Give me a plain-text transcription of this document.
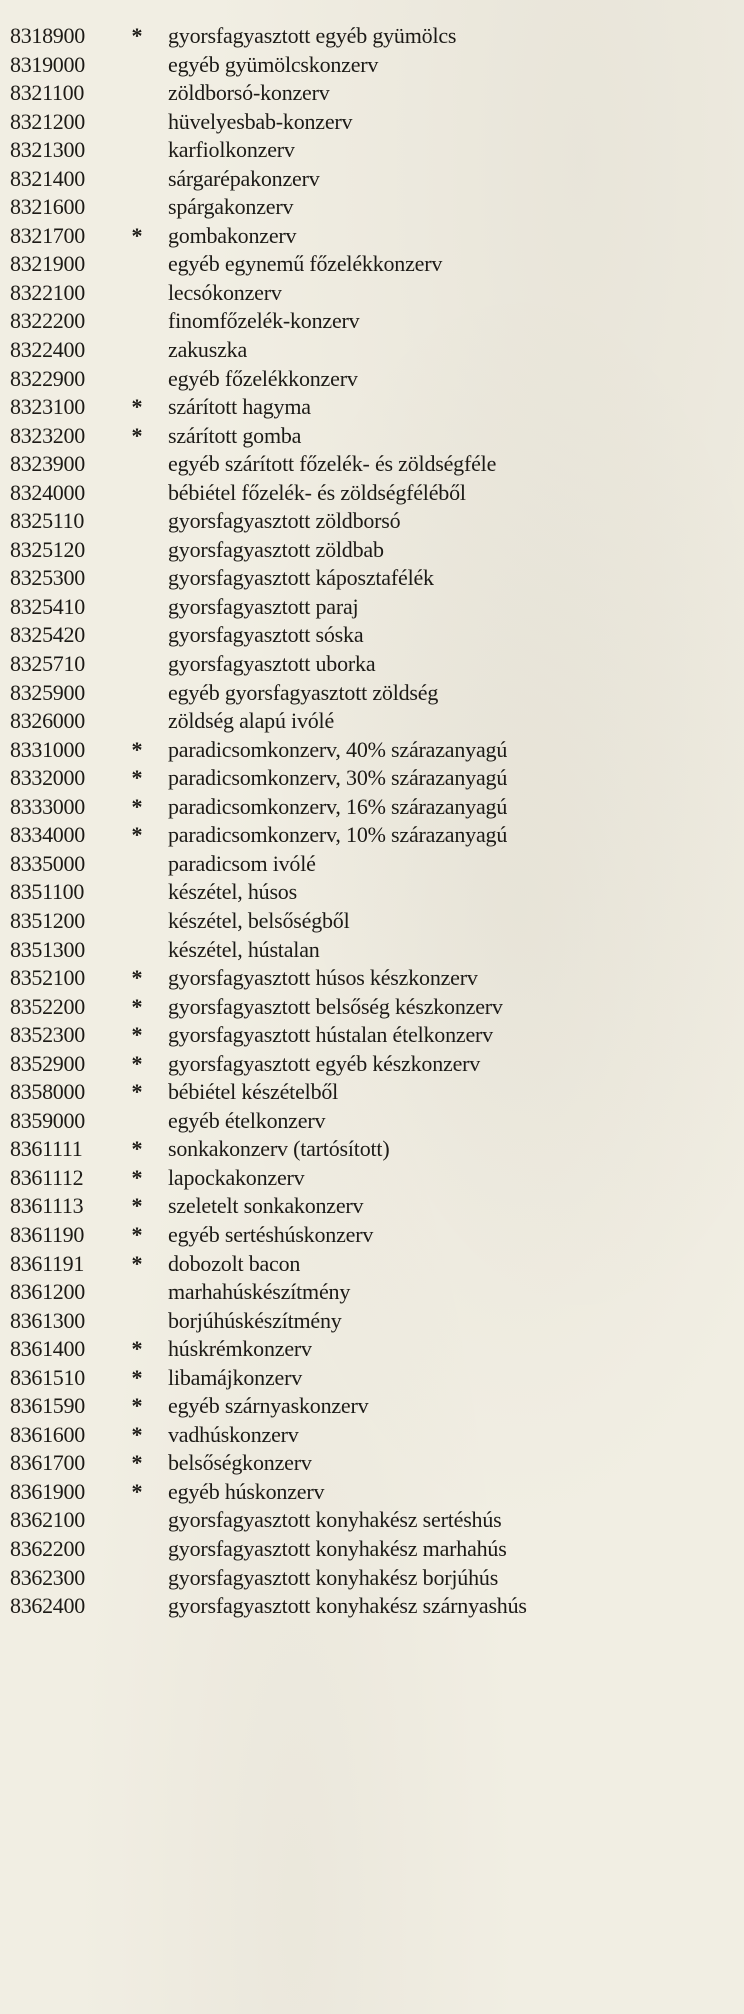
8318900	* gyorsfagyasztott egyéb gyümölcs
8319000	egyéb gyümölcskonzerv
8321100	zöldborsó-konzerv
8321200	hüvelyesbab-konzerv
8321300	karfiolkonzerv
8321400	sárgarépakonzerv
8321600	spárgakonzerv
8321700	* gombakonzerv
8321900	egyéb egynemű főzelékkonzerv
8322100	lecsókonzerv
8322200	finomfőzelék-konzerv
8322400	zakuszka
8322900	egyéb főzelékkonzerv
8323100	* szárított hagyma
8323200	* szárított gomba
8323900	egyéb szárított főzelék- és zöldségféle
8324000	bébiétel főzelék- és zöldségféléből
8325110	gyorsfagyasztott zöldborsó
8325120	gyorsfagyasztott zöldbab
8325300	gyorsfagyasztott káposztafélék
8325410	gyorsfagyasztott paraj
8325420	gyorsfagyasztott sóska
8325710	gyorsfagyasztott uborka
8325900	egyéb gyorsfagyasztott zöldség
8326000	zöldség alapú ivólé
8331000	* paradicsomkonzerv, 40% szárazanyagú
8332000	* paradicsomkonzerv, 30% szárazanyagú
8333000	* paradicsomkonzerv, 16% szárazanyagú
8334000	* paradicsomkonzerv, 10% szárazanyagú
8335000	paradicsom ivólé
8351100	készétel, húsos
8351200	készétel, belsőségből
8351300	készétel, hústalan
8352100	* gyorsfagyasztott húsos készkonzerv
8352200	* gyorsfagyasztott belsőség készkonzerv
8352300	* gyorsfagyasztott hústalan ételkonzerv
8352900	* gyorsfagyasztott egyéb készkonzerv
8358000	* bébiétel készételből
8359000	egyéb ételkonzerv
8361111	* sonkakonzerv (tartósított)
8361112	* lapockakonzerv
8361113	* szeletelt sonkakonzerv
8361190	* egyéb sertéshúskonzerv
8361191	* dobozolt bacon
8361200	marhahúskészítmény
8361300	borjúhúskészítmény
8361400	* húskrémkonzerv
8361510	* libamájkonzerv
8361590	* egyéb szárnyaskonzerv
8361600	* vadhúskonzerv
8361700	* belsőségkonzerv
8361900	* egyéb húskonzerv
8362100	gyorsfagyasztott konyhakész sertéshús
8362200	gyorsfagyasztott konyhakész marhahús
8362300	gyorsfagyasztott konyhakész borjúhús
8362400	gyorsfagyasztott konyhakész szárnyashús
